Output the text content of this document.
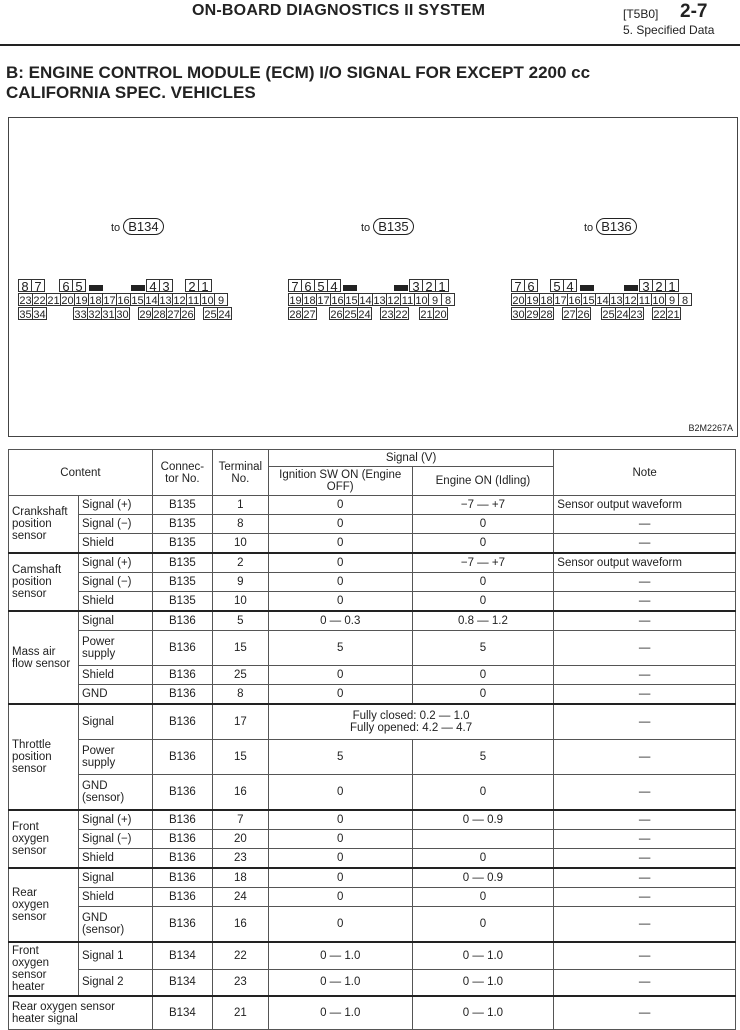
ON-BOARD DIAGNOSTICS II SYSTEM	[T5B0] 2-7
5. Specified Data
B: ENGINE CONTROL MODULE (ECM) I/O SIGNAL FOR EXCEPT 2200 cc
CALIFORNIA SPEC. VEHICLES
to B134	to B135	to B136
8 7 6 5	4 3 2 1
23 22 21 20 19 18 17 16 15 14 13 12 11 10 9
35 34	33 32 31 30 29 28 27 26 25 24
7 6 5 4	3 2 1
19 18 17 16 15 14 13 12 11 10 9 8
28 27 26 25 24 23 22 21 20
7 6 5 4	3 2 1
20 19 18 17 16 15 14 13 12 11 10 9 8
30 29 28 27 26 25 24 23 22 21
B2M2267A
Content		Connec-tor No.	Terminal No.	Signal (V)		Note
				Ignition SW ON (Engine OFF)	Engine ON (Idling)	
Crankshaft position sensor	Signal (+)	B135	1	0	−7 — +7	Sensor output waveform
	Signal (−)	B135	8	0	0	—
	Shield	B135	10	0	0	—
Camshaft position sensor	Signal (+)	B135	2	0	−7 — +7	Sensor output waveform
	Signal (−)	B135	9	0	0	—
	Shield	B135	10	0	0	—
Mass air flow sensor	Signal	B136	5	0 — 0.3	0.8 — 1.2	—
	Power supply	B136	15	5	5	—
	Shield	B136	25	0	0	—
	GND	B136	8	0	0	—
Throttle position sensor	Signal	B136	17	Fully closed: 0.2 — 1.0
Fully opened: 4.2 — 4.7		—
	Power supply	B136	15	5	5	—
	GND (sensor)	B136	16	0	0	—
Front oxygen sensor	Signal (+)	B136	7	0	0 — 0.9	—
	Signal (−)	B136	20	0		—
	Shield	B136	23	0	0	—
Rear oxygen sensor	Signal	B136	18	0	0 — 0.9	—
	Shield	B136	24	0	0	—
	GND (sensor)	B136	16	0	0	—
Front oxygen sensor heater	Signal 1	B134	22	0 — 1.0	0 — 1.0	—
	Signal 2	B134	23	0 — 1.0	0 — 1.0	—
Rear oxygen sensor heater signal		B134	21	0 — 1.0	0 — 1.0	—
